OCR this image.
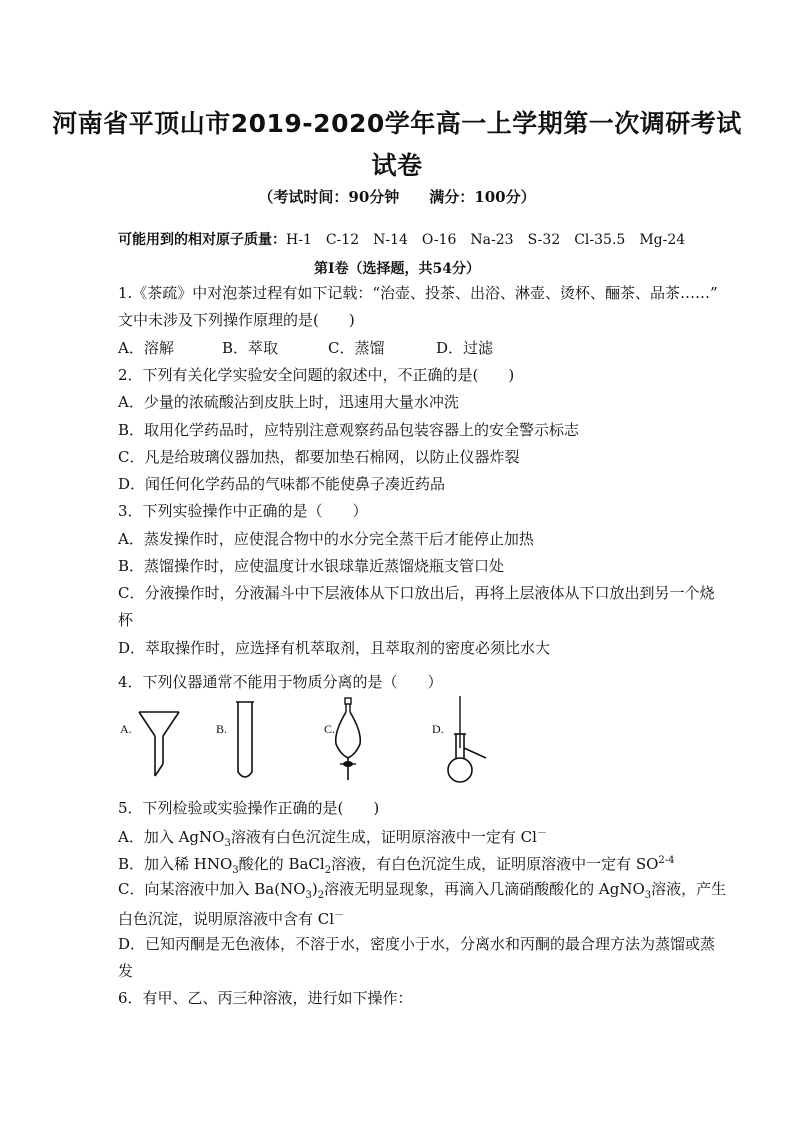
河南省平顶山市2019-2020学年高一上学期第一次调研考试
试卷
（考试时间：90分钟　　满分：100分）
可能用到的相对原子质量：H-1　C-12　N-14　O-16　Na-23　S-32　Cl-35.5　Mg-24
第Ⅰ卷（选择题，共54分）
1.《茶疏》中对泡茶过程有如下记载：“治壶、投茶、出浴、淋壶、烫杯、酾茶、品茶……”
文中未涉及下列操作原理的是(　　)
A．溶解	B．萃取	C．蒸馏	D．过滤
2．下列有关化学实验安全问题的叙述中，不正确的是(　　)
A．少量的浓硫酸沾到皮肤上时，迅速用大量水冲洗
B．取用化学药品时，应特别注意观察药品包装容器上的安全警示标志
C．凡是给玻璃仪器加热，都要加垫石棉网，以防止仪器炸裂
D．闻任何化学药品的气味都不能使鼻子凑近药品
3．下列实验操作中正确的是（　　）
A．蒸发操作时，应使混合物中的水分完全蒸干后才能停止加热
B．蒸馏操作时，应使温度计水银球靠近蒸馏烧瓶支管口处
C．分液操作时，分液漏斗中下层液体从下口放出后，再将上层液体从下口放出到另一个烧
杯
D．萃取操作时，应选择有机萃取剂，且萃取剂的密度必须比水大
4．下列仪器通常不能用于物质分离的是（　　）
A.	B.	C.	D.
5．下列检验或实验操作正确的是(　　)
A．加入 AgNO$_3$溶液有白色沉淀生成，证明原溶液中一定有 Cl－
B．加入稀 $HNO_3$酸化的 BaCl$_2$溶液，有白色沉淀生成，证明原溶液中一定有 SO$^{2-4}$
C．向某溶液中加入 $Ba(NO_3)_2$溶液无明显现象，再滴入几滴硝酸酸化的 AgNO$_3$溶液，产生
白色沉淀，说明原溶液中含有 Cl－
D．已知丙酮是无色液体，不溶于水，密度小于水，分离水和丙酮的最合理方法为蒸馏或蒸
发
6．有甲、乙、丙三种溶液，进行如下操作：
